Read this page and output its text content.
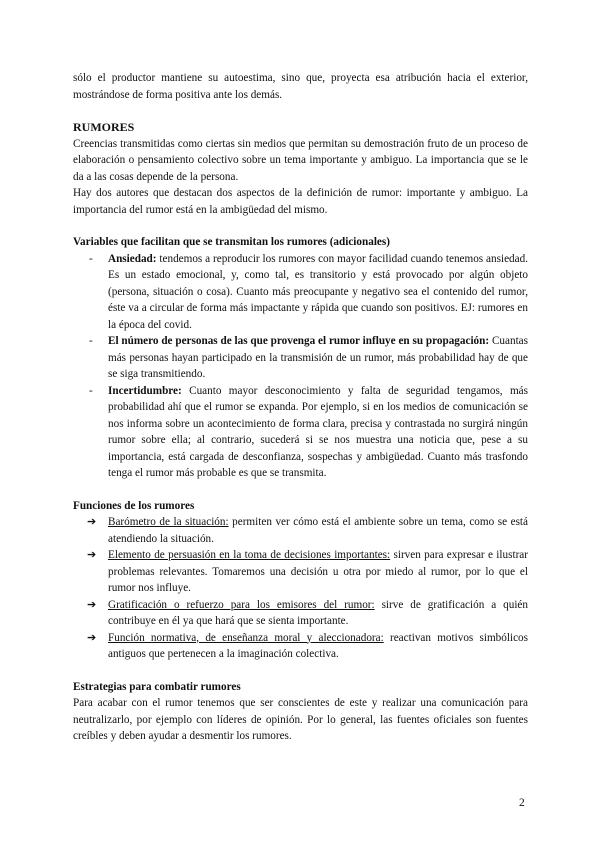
sólo el productor mantiene su autoestima, sino que, proyecta esa atribución hacia el exterior, mostrándose de forma positiva ante los demás.

RUMORES

Creencias transmitidas como ciertas sin medios que permitan su demostración fruto de un proceso de elaboración o pensamiento colectivo sobre un tema importante y ambiguo. La importancia que se le da a las cosas depende de la persona.

Hay dos autores que destacan dos aspectos de la definición de rumor: importante y ambiguo. La importancia del rumor está en la ambigüedad del mismo.

Variables que facilitan que se transmitan los rumores (adicionales)

- Ansiedad: tendemos a reproducir los rumores con mayor facilidad cuando tenemos ansiedad. Es un estado emocional, y, como tal, es transitorio y está provocado por algún objeto (persona, situación o cosa). Cuanto más preocupante y negativo sea el contenido del rumor, éste va a circular de forma más impactante y rápida que cuando son positivos. EJ: rumores en la época del covid.
- El número de personas de las que provenga el rumor influye en su propagación: Cuantas más personas hayan participado en la transmisión de un rumor, más probabilidad hay de que se siga transmitiendo.
- Incertidumbre: Cuanto mayor desconocimiento y falta de seguridad tengamos, más probabilidad ahí que el rumor se expanda. Por ejemplo, si en los medios de comunicación se nos informa sobre un acontecimiento de forma clara, precisa y contrastada no surgirá ningún rumor sobre ella; al contrario, sucederá si se nos muestra una noticia que, pese a su importancia, está cargada de desconfianza, sospechas y ambigüedad. Cuanto más trasfondo tenga el rumor más probable es que se transmita.

Funciones de los rumores

➔ Barómetro de la situación: permiten ver cómo está el ambiente sobre un tema, como se está atendiendo la situación.
➔ Elemento de persuasión en la toma de decisiones importantes: sirven para expresar e ilustrar problemas relevantes. Tomaremos una decisión u otra por miedo al rumor, por lo que el rumor nos influye.
➔ Gratificación o refuerzo para los emisores del rumor: sirve de gratificación a quién contribuye en él ya que hará que se sienta importante.
➔ Función normativa, de enseñanza moral y aleccionadora: reactivan motivos simbólicos antiguos que pertenecen a la imaginación colectiva.

Estrategias para combatir rumores

Para acabar con el rumor tenemos que ser conscientes de este y realizar una comunicación para neutralizarlo, por ejemplo con líderes de opinión. Por lo general, las fuentes oficiales son fuentes creíbles y deben ayudar a desmentir los rumores.

2
